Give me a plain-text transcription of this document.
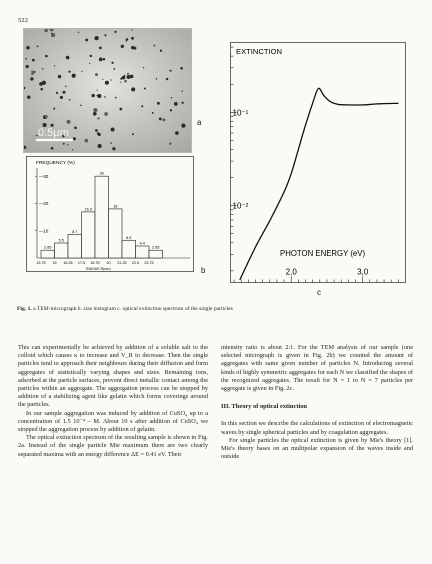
522
0.5μm
a
FREQUENCY (%)
—30
—20
—10
2.85
13.75
5.5
15
8.7
16.25
16.9
17.5
30
18.75
18
20
6.5
21.25
4.4
22.5
2.85
23.75
RADIUS R(nm)	b
EXTINCTION
PHOTON ENERGY (eV)
10⁻¹
10⁻²
2,0	3,0
c
Fig. 1. a TEM-micrograph b. size histogram c. optical extinction spectrum of the single particles

This can experimentally be achieved by addition of a soluble salt to the colloid which causes κ to increase and V_R to decrease. Then the single particles tend to approach their neighbours during their diffusion and form aggregates of statistically varying shapes and sizes. Remaining ions, adsorbed at the particle surfaces, prevent direct metallic contact among the particles within an aggregate. The aggregation process can be stopped by addition of a stabilizing agent like gelatin which forms coverings around the particles.

In our sample aggregation was induced by addition of CuSO₄ up to a concentration of 1.5 10⁻⁴ – M. About 10 s after addition of CuSO₄ we stopped the aggregation process by addition of gelatin.

The optical extinction spectrum of the resulting sample is shown in Fig. 2a. Instead of the single particle Mie maximum there are two clearly separated maxima with an energy difference ΔE = 0.41 eV. Their

intensity ratio is about 2:1. For the TEM analysis of our sample (one selected micrograph is given in Fig. 2b) we counted the amount of aggregates with same given number of particles N. Introducing several kinds of highly symmetric aggregates for each N we classified the shapes of the recognized aggregates. The result for N = 1 to N = 7 particles per aggregate is given in Fig. 2c.

III. Theory of optical extinction

In this section we describe the calculations of extinction of electromagnetic waves by single spherical particles and by coagulation aggregates.

For single particles the optical extinction is given by Mie's theory [1]. Mie's theory bases on an multipolar expansion of the waves inside and outside
